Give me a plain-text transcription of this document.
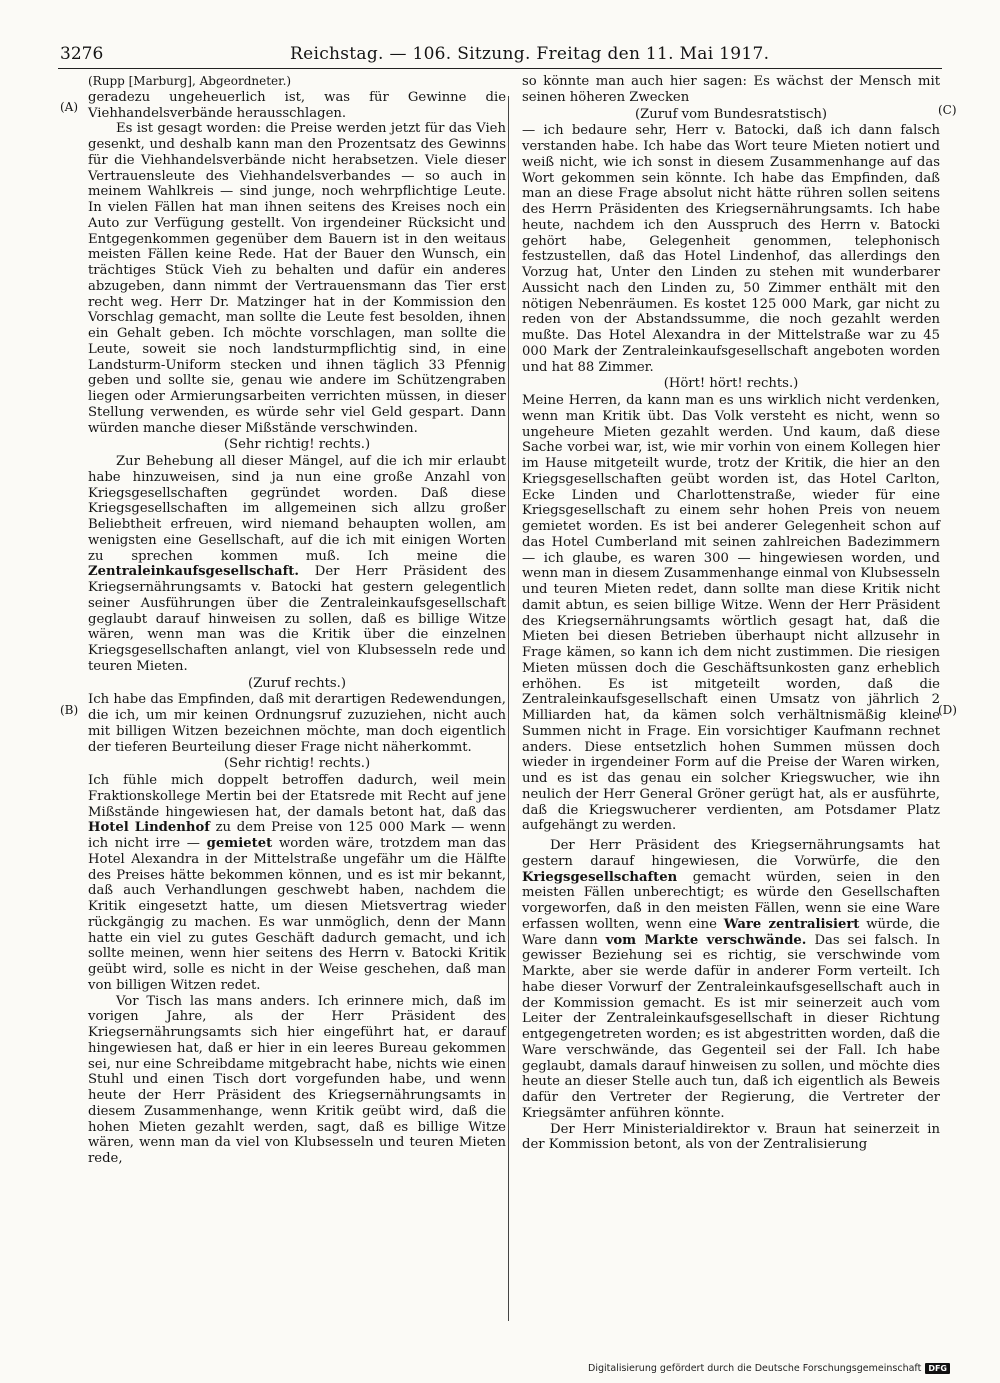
3276	Reichstag. — 106. Sitzung. Freitag den 11. Mai 1917.
(A)
(B)
(C)
(D)

(Rupp [Marburg], Abgeordneter.)

geradezu ungeheuerlich ist, was für Gewinne die Viehhandelsverbände herausschlagen.

Es ist gesagt worden: die Preise werden jetzt für das Vieh gesenkt, und deshalb kann man den Prozentsatz des Gewinns für die Viehhandelsverbände nicht herabsetzen. Viele dieser Vertrauensleute des Viehhandelsverbandes — so auch in meinem Wahlkreis — sind junge, noch wehrpflichtige Leute. In vielen Fällen hat man ihnen seitens des Kreises noch ein Auto zur Verfügung gestellt. Von irgendeiner Rücksicht und Entgegenkommen gegenüber dem Bauern ist in den weitaus meisten Fällen keine Rede. Hat der Bauer den Wunsch, ein trächtiges Stück Vieh zu behalten und dafür ein anderes abzugeben, dann nimmt der Vertrauensmann das Tier erst recht weg. Herr Dr. Matzinger hat in der Kommission den Vorschlag gemacht, man sollte die Leute fest besolden, ihnen ein Gehalt geben. Ich möchte vorschlagen, man sollte die Leute, soweit sie noch landsturmpflichtig sind, in eine Landsturm-Uniform stecken und ihnen täglich 33 Pfennig geben und sollte sie, genau wie andere im Schützengraben liegen oder Armierungsarbeiten verrichten müssen, in dieser Stellung verwenden, es würde sehr viel Geld gespart. Dann würden manche dieser Mißstände verschwinden.

(Sehr richtig! rechts.)

Zur Behebung all dieser Mängel, auf die ich mir erlaubt habe hinzuweisen, sind ja nun eine große Anzahl von Kriegsgesellschaften gegründet worden. Daß diese Kriegsgesellschaften im allgemeinen sich allzu großer Beliebtheit erfreuen, wird niemand behaupten wollen, am wenigsten eine Gesellschaft, auf die ich mit einigen Worten zu sprechen kommen muß. Ich meine die Zentraleinkaufsgesellschaft. Der Herr Präsident des Kriegsernährungsamts v. Batocki hat gestern gelegentlich seiner Ausführungen über die Zentraleinkaufsgesellschaft geglaubt darauf hinweisen zu sollen, daß es billige Witze wären, wenn man was die Kritik über die einzelnen Kriegsgesellschaften anlangt, viel von Klubsesseln rede und teuren Mieten.

(Zuruf rechts.)

Ich habe das Empfinden, daß mit derartigen Redewendungen, die ich, um mir keinen Ordnungsruf zuzuziehen, nicht auch mit billigen Witzen bezeichnen möchte, man doch eigentlich der tieferen Beurteilung dieser Frage nicht näherkommt.

(Sehr richtig! rechts.)

Ich fühle mich doppelt betroffen dadurch, weil mein Fraktionskollege Mertin bei der Etatsrede mit Recht auf jene Mißstände hingewiesen hat, der damals betont hat, daß das Hotel Lindenhof zu dem Preise von 125 000 Mark — wenn ich nicht irre — gemietet worden wäre, trotzdem man das Hotel Alexandra in der Mittelstraße ungefähr um die Hälfte des Preises hätte bekommen können, und es ist mir bekannt, daß auch Verhandlungen geschwebt haben, nachdem die Kritik eingesetzt hatte, um diesen Mietsvertrag wieder rückgängig zu machen. Es war unmöglich, denn der Mann hatte ein viel zu gutes Geschäft dadurch gemacht, und ich sollte meinen, wenn hier seitens des Herrn v. Batocki Kritik geübt wird, solle es nicht in der Weise geschehen, daß man von billigen Witzen redet.

Vor Tisch las mans anders. Ich erinnere mich, daß im vorigen Jahre, als der Herr Präsident des Kriegsernährungsamts sich hier eingeführt hat, er darauf hingewiesen hat, daß er hier in ein leeres Bureau gekommen sei, nur eine Schreibdame mitgebracht habe, nichts wie einen Stuhl und einen Tisch dort vorgefunden habe, und wenn heute der Herr Präsident des Kriegsernährungsamts in diesem Zusammenhange, wenn Kritik geübt wird, daß die hohen Mieten gezahlt werden, sagt, daß es billige Witze wären, wenn man da viel von Klubsesseln und teuren Mieten rede,

so könnte man auch hier sagen: Es wächst der Mensch mit seinen höheren Zwecken

(Zuruf vom Bundesratstisch)

— ich bedaure sehr, Herr v. Batocki, daß ich dann falsch verstanden habe. Ich habe das Wort teure Mieten notiert und weiß nicht, wie ich sonst in diesem Zusammenhange auf das Wort gekommen sein könnte. Ich habe das Empfinden, daß man an diese Frage absolut nicht hätte rühren sollen seitens des Herrn Präsidenten des Kriegsernährungsamts. Ich habe heute, nachdem ich den Ausspruch des Herrn v. Batocki gehört habe, Gelegenheit genommen, telephonisch festzustellen, daß das Hotel Lindenhof, das allerdings den Vorzug hat, Unter den Linden zu stehen mit wunderbarer Aussicht nach den Linden zu, 50 Zimmer enthält mit den nötigen Nebenräumen. Es kostet 125 000 Mark, gar nicht zu reden von der Abstandssumme, die noch gezahlt werden mußte. Das Hotel Alexandra in der Mittelstraße war zu 45 000 Mark der Zentraleinkaufsgesellschaft angeboten worden und hat 88 Zimmer.

(Hört! hört! rechts.)

Meine Herren, da kann man es uns wirklich nicht verdenken, wenn man Kritik übt. Das Volk versteht es nicht, wenn so ungeheure Mieten gezahlt werden. Und kaum, daß diese Sache vorbei war, ist, wie mir vorhin von einem Kollegen hier im Hause mitgeteilt wurde, trotz der Kritik, die hier an den Kriegsgesellschaften geübt worden ist, das Hotel Carlton, Ecke Linden und Charlottenstraße, wieder für eine Kriegsgesellschaft zu einem sehr hohen Preis von neuem gemietet worden. Es ist bei anderer Gelegenheit schon auf das Hotel Cumberland mit seinen zahlreichen Badezimmern — ich glaube, es waren 300 — hingewiesen worden, und wenn man in diesem Zusammenhange einmal von Klubsesseln und teuren Mieten redet, dann sollte man diese Kritik nicht damit abtun, es seien billige Witze. Wenn der Herr Präsident des Kriegsernährungsamts wörtlich gesagt hat, daß die Mieten bei diesen Betrieben überhaupt nicht allzusehr in Frage kämen, so kann ich dem nicht zustimmen. Die riesigen Mieten müssen doch die Geschäftsunkosten ganz erheblich erhöhen. Es ist mitgeteilt worden, daß die Zentraleinkaufsgesellschaft einen Umsatz von jährlich 2 Milliarden hat, da kämen solch verhältnismäßig kleine Summen nicht in Frage. Ein vorsichtiger Kaufmann rechnet anders. Diese entsetzlich hohen Summen müssen doch wieder in irgendeiner Form auf die Preise der Waren wirken, und es ist das genau ein solcher Kriegswucher, wie ihn neulich der Herr General Gröner gerügt hat, als er ausführte, daß die Kriegswucherer verdienten, am Potsdamer Platz aufgehängt zu werden.

Der Herr Präsident des Kriegsernährungsamts hat gestern darauf hingewiesen, die Vorwürfe, die den Kriegsgesellschaften gemacht würden, seien in den meisten Fällen unberechtigt; es würde den Gesellschaften vorgeworfen, daß in den meisten Fällen, wenn sie eine Ware erfassen wollten, wenn eine Ware zentralisiert würde, die Ware dann vom Markte verschwände. Das sei falsch. In gewisser Beziehung sei es richtig, sie verschwinde vom Markte, aber sie werde dafür in anderer Form verteilt. Ich habe dieser Vorwurf der Zentraleinkaufsgesellschaft auch in der Kommission gemacht. Es ist mir seinerzeit auch vom Leiter der Zentraleinkaufsgesellschaft in dieser Richtung entgegengetreten worden; es ist abgestritten worden, daß die Ware verschwände, das Gegenteil sei der Fall. Ich habe geglaubt, damals darauf hinweisen zu sollen, und möchte dies heute an dieser Stelle auch tun, daß ich eigentlich als Beweis dafür den Vertreter der Regierung, die Vertreter der Kriegsämter anführen könnte.

Der Herr Ministerialdirektor v. Braun hat seinerzeit in der Kommission betont, als von der Zentralisierung

Digitalisierung gefördert durch die Deutsche Forschungsgemeinschaft DFG
